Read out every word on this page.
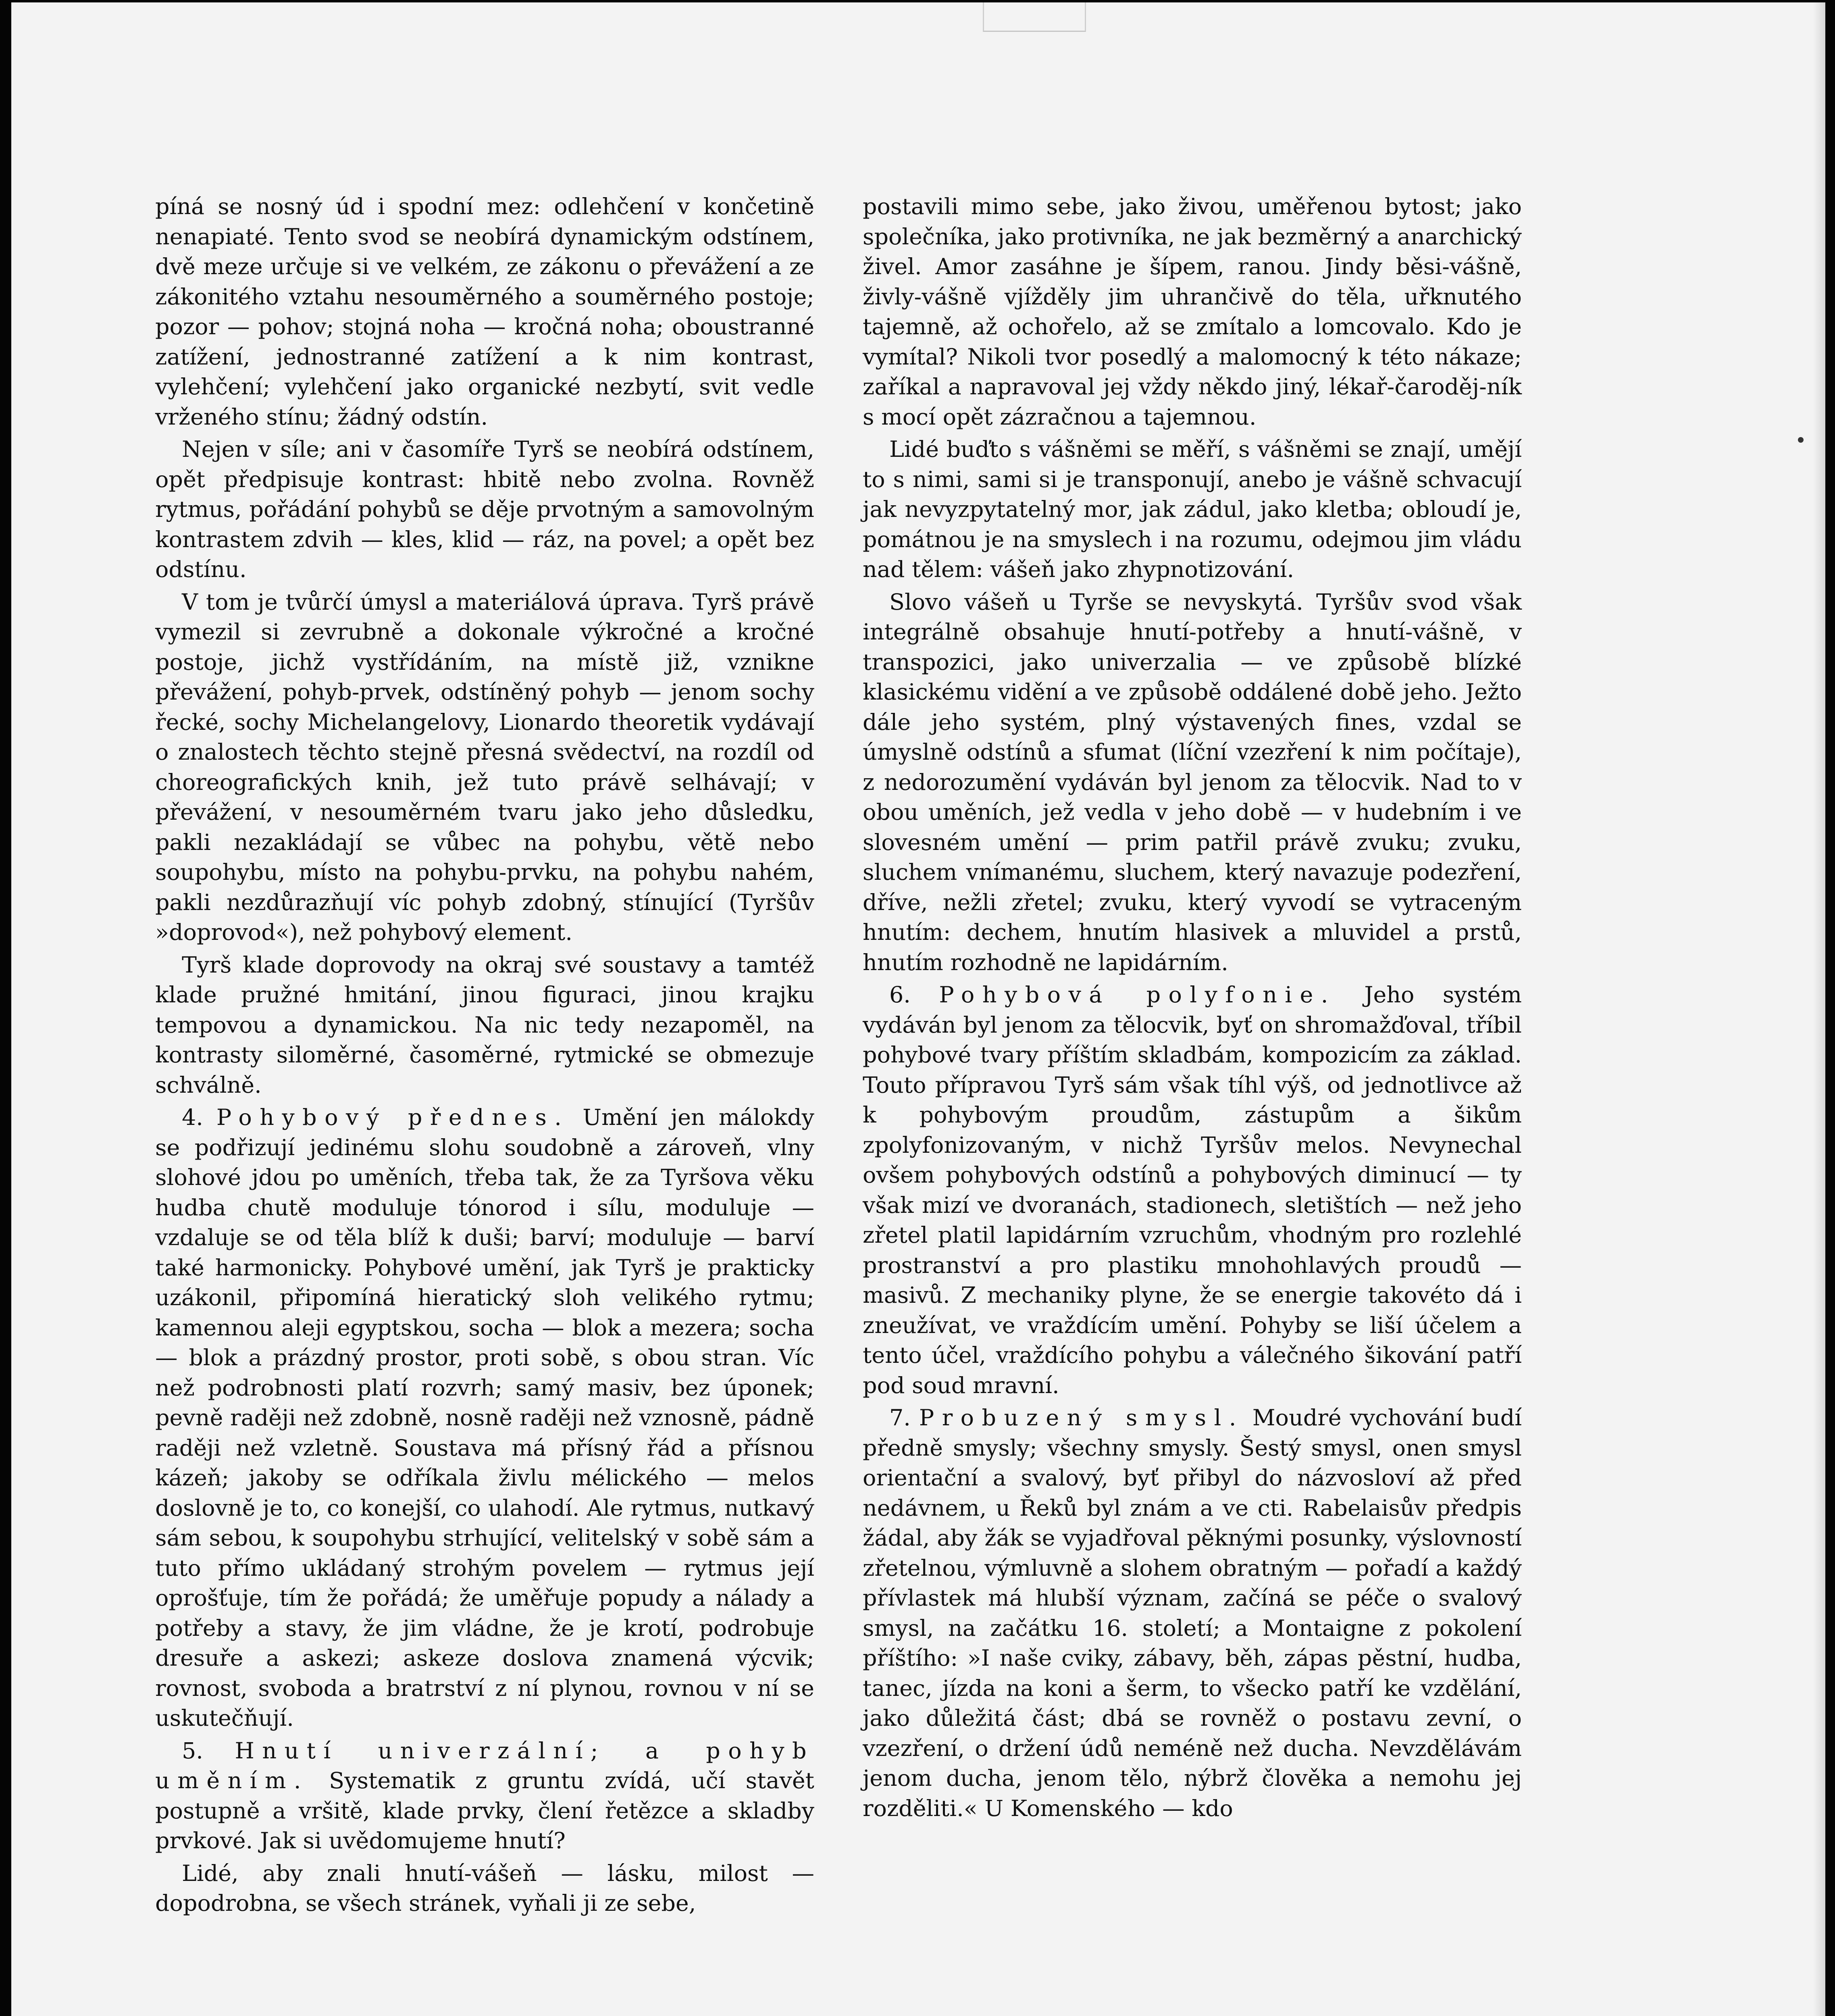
píná se nosný úd i spodní mez: odlehčení v končetině nenapiaté. Tento svod se neobírá dynamickým odstínem, dvě meze určuje si ve velkém, ze zákonu o převážení a ze zákonitého vztahu nesouměrného a souměrného postoje; pozor — pohov; stojná noha — kročná noha; oboustranné zatížení, jednostranné zatížení a k nim kontrast, vylehčení; vylehčení jako organické nezbytí, svit vedle vrženého stínu; žádný odstín.

Nejen v síle; ani v časomíře Tyrš se neobírá odstínem, opět předpisuje kontrast: hbitě nebo zvolna. Rovněž rytmus, pořádání pohybů se děje prvotným a samovolným kontrastem zdvih — kles, klid — ráz, na povel; a opět bez odstínu.

V tom je tvůrčí úmysl a materiálová úprava. Tyrš právě vymezil si zevrubně a dokonale výkročné a kročné postoje, jichž vystřídáním, na místě již, vznikne převážení, pohyb-prvek, odstíněný pohyb — jenom sochy řecké, sochy Michelangelovy, Lionardo theoretik vydávají o znalostech těchto stejně přesná svědectví, na rozdíl od choreografických knih, jež tuto právě selhávají; v převážení, v nesouměrném tvaru jako jeho důsledku, pakli nezakládají se vůbec na pohybu, větě nebo soupohybu, místo na pohybu-prvku, na pohybu nahém, pakli nezdůrazňují víc pohyb zdobný, stínující (Tyršův »doprovod«), než pohybový element.

Tyrš klade doprovody na okraj své soustavy a tamtéž klade pružné hmitání, jinou figuraci, jinou krajku tempovou a dynamickou. Na nic tedy nezapoměl, na kontrasty siloměrné, časoměrné, rytmické se obmezuje schválně.

4. Pohybový přednes. Umění jen málokdy se podřizují jedinému slohu soudobně a zároveň, vlny slohové jdou po uměních, třeba tak, že za Tyršova věku hudba chutě moduluje tónorod i sílu, moduluje — vzdaluje se od těla blíž k duši; barví; moduluje — barví také harmonicky. Pohybové umění, jak Tyrš je prakticky uzákonil, připomíná hieratický sloh velikého rytmu; kamennou aleji egyptskou, socha — blok a mezera; socha — blok a prázdný prostor, proti sobě, s obou stran. Víc než podrobnosti platí rozvrh; samý masiv, bez úponek; pevně raději než zdobně, nosně raději než vznosně, pádně raději než vzletně. Soustava má přísný řád a přísnou kázeň; jakoby se odříkala živlu mélického — melos doslovně je to, co konejší, co ulahodí. Ale rytmus, nutkavý sám sebou, k soupohybu strhující, velitelský v sobě sám a tuto přímo ukládaný strohým povelem — rytmus její oprošťuje, tím že pořádá; že uměřuje popudy a nálady a potřeby a stavy, že jim vládne, že je krotí, podrobuje dresuře a askezi; askeze doslova znamená výcvik; rovnost, svoboda a bratrství z ní plynou, rovnou v ní se uskutečňují.

5. Hnutí univerzální; a pohyb uměním. Systematik z gruntu zvídá, učí stavět postupně a vršitě, klade prvky, člení řetězce a skladby prvkové. Jak si uvědomujeme hnutí?

Lidé, aby znali hnutí-vášeň — lásku, milost — dopodrobna, se všech stránek, vyňali ji ze sebe,

postavili mimo sebe, jako živou, uměřenou bytost; jako společníka, jako protivníka, ne jak bezměrný a anarchický živel. Amor zasáhne je šípem, ranou. Jindy běsi-vášně, živly-vášně vjížděly jim uhrančivě do těla, uřknutého tajemně, až ochořelo, až se zmítalo a lomcovalo. Kdo je vymítal? Nikoli tvor posedlý a malomocný k této nákaze; zaříkal a napravoval jej vždy někdo jiný, lékař-čaroděj-ník s mocí opět zázračnou a tajemnou.

Lidé buďto s vášněmi se měří, s vášněmi se znají, umějí to s nimi, sami si je transponují, anebo je vášně schvacují jak nevyzpytatelný mor, jak zádul, jako kletba; obloudí je, pomátnou je na smyslech i na rozumu, odejmou jim vládu nad tělem: vášeň jako zhypnotizování.

Slovo vášeň u Tyrše se nevyskytá. Tyršův svod však integrálně obsahuje hnutí-potřeby a hnutí-vášně, v transpozici, jako univerzalia — ve způsobě blízké klasickému vidění a ve způsobě oddálené době jeho. Ježto dále jeho systém, plný výstavených fines, vzdal se úmyslně odstínů a sfumat (líční vzezření k nim počítaje), z nedorozumění vydáván byl jenom za tělocvik. Nad to v obou uměních, jež vedla v jeho době — v hudebním i ve slovesném umění — prim patřil právě zvuku; zvuku, sluchem vnímanému, sluchem, který navazuje podezření, dříve, nežli zřetel; zvuku, který vyvodí se vytraceným hnutím: dechem, hnutím hlasivek a mluvidel a prstů, hnutím rozhodně ne lapidárním.

6. Pohybová polyfonie. Jeho systém vydáván byl jenom za tělocvik, byť on shromažďoval, tříbil pohybové tvary příštím skladbám, kompozicím za základ. Touto přípravou Tyrš sám však tíhl výš, od jednotlivce až k pohybovým proudům, zástupům a šikům zpolyfonizovaným, v nichž Tyršův melos. Nevynechal ovšem pohybových odstínů a pohybových diminucí — ty však mizí ve dvoranách, stadionech, sletištích — než jeho zřetel platil lapidárním vzruchům, vhodným pro rozlehlé prostranství a pro plastiku mnohohlavých proudů — masivů. Z mechaniky plyne, že se energie takovéto dá i zneužívat, ve vraždícím umění. Pohyby se liší účelem a tento účel, vraždícího pohybu a válečného šikování patří pod soud mravní.

7. Probuzený smysl. Moudré vychování budí předně smysly; všechny smysly. Šestý smysl, onen smysl orientační a svalový, byť přibyl do názvosloví až před nedávnem, u Řeků byl znám a ve cti. Rabelaisův předpis žádal, aby žák se vyjadřoval pěknými posunky, výslovností zřetelnou, výmluvně a slohem obratným — pořadí a každý přívlastek má hlubší význam, začíná se péče o svalový smysl, na začátku 16. století; a Montaigne z pokolení příštího: »I naše cviky, zábavy, běh, zápas pěstní, hudba, tanec, jízda na koni a šerm, to všecko patří ke vzdělání, jako důležitá část; dbá se rovněž o postavu zevní, o vzezření, o držení údů neméně než ducha. Nevzdělávám jenom ducha, jenom tělo, nýbrž člověka a nemohu jej rozděliti.« U Komenského — kdo
